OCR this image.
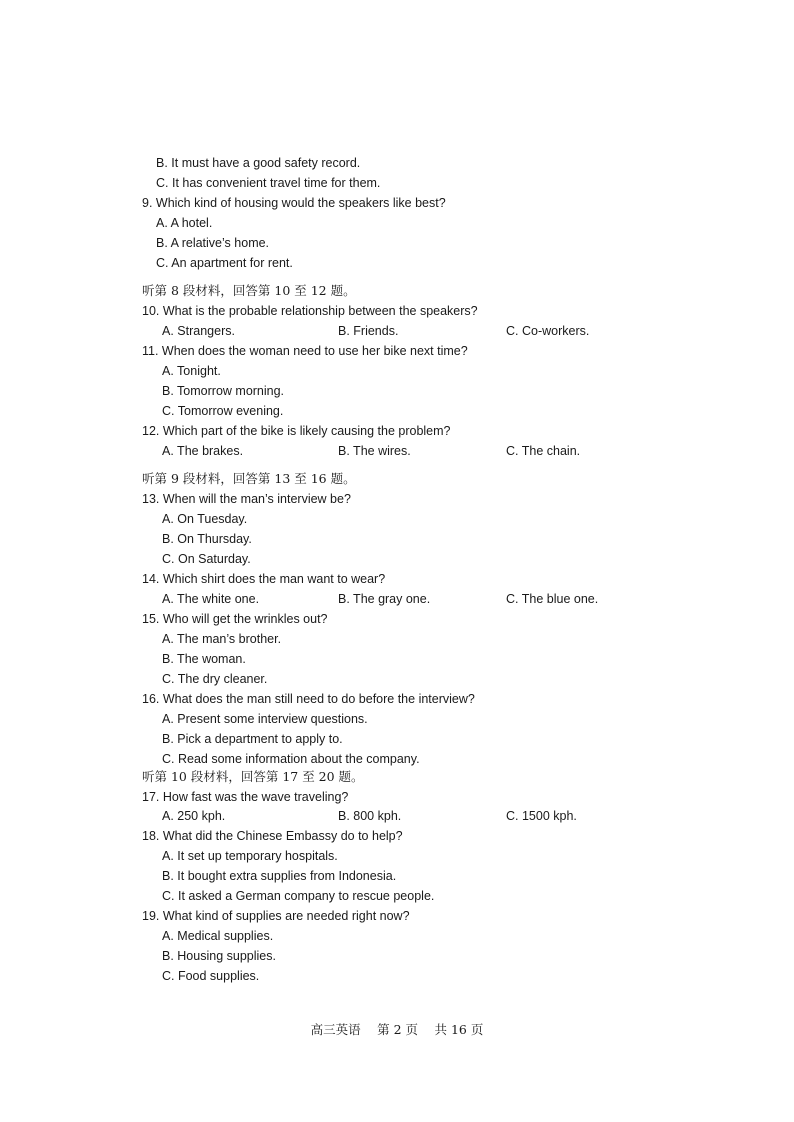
B. It must have a good safety record.
C. It has convenient travel time for them.
9. Which kind of housing would the speakers like best?
A. A hotel.
B. A relative’s home.
C. An apartment for rent.
听第 8 段材料，回答第 10 至 12 题。
10. What is the probable relationship between the speakers?
A. Strangers.	B. Friends.	C. Co-workers.
11. When does the woman need to use her bike next time?
A. Tonight.
B. Tomorrow morning.
C. Tomorrow evening.
12. Which part of the bike is likely causing the problem?
A. The brakes.	B. The wires.	C. The chain.
听第 9 段材料，回答第 13 至 16 题。
13. When will the man’s interview be?
A. On Tuesday.
B. On Thursday.
C. On Saturday.
14. Which shirt does the man want to wear?
A. The white one.	B. The gray one.	C. The blue one.
15. Who will get the wrinkles out?
A. The man’s brother.
B. The woman.
C. The dry cleaner.
16. What does the man still need to do before the interview?
A. Present some interview questions.
B. Pick a department to apply to.
C. Read some information about the company.
听第 10 段材料，回答第 17 至 20 题。
17. How fast was the wave traveling?
A. 250 kph.	B. 800 kph.	C. 1500 kph.
18. What did the Chinese Embassy do to help?
A. It set up temporary hospitals.
B. It bought extra supplies from Indonesia.
C. It asked a German company to rescue people.
19. What kind of supplies are needed right now?
A. Medical supplies.
B. Housing supplies.
C. Food supplies.
高三英语　 第 2 页　 共 16 页
